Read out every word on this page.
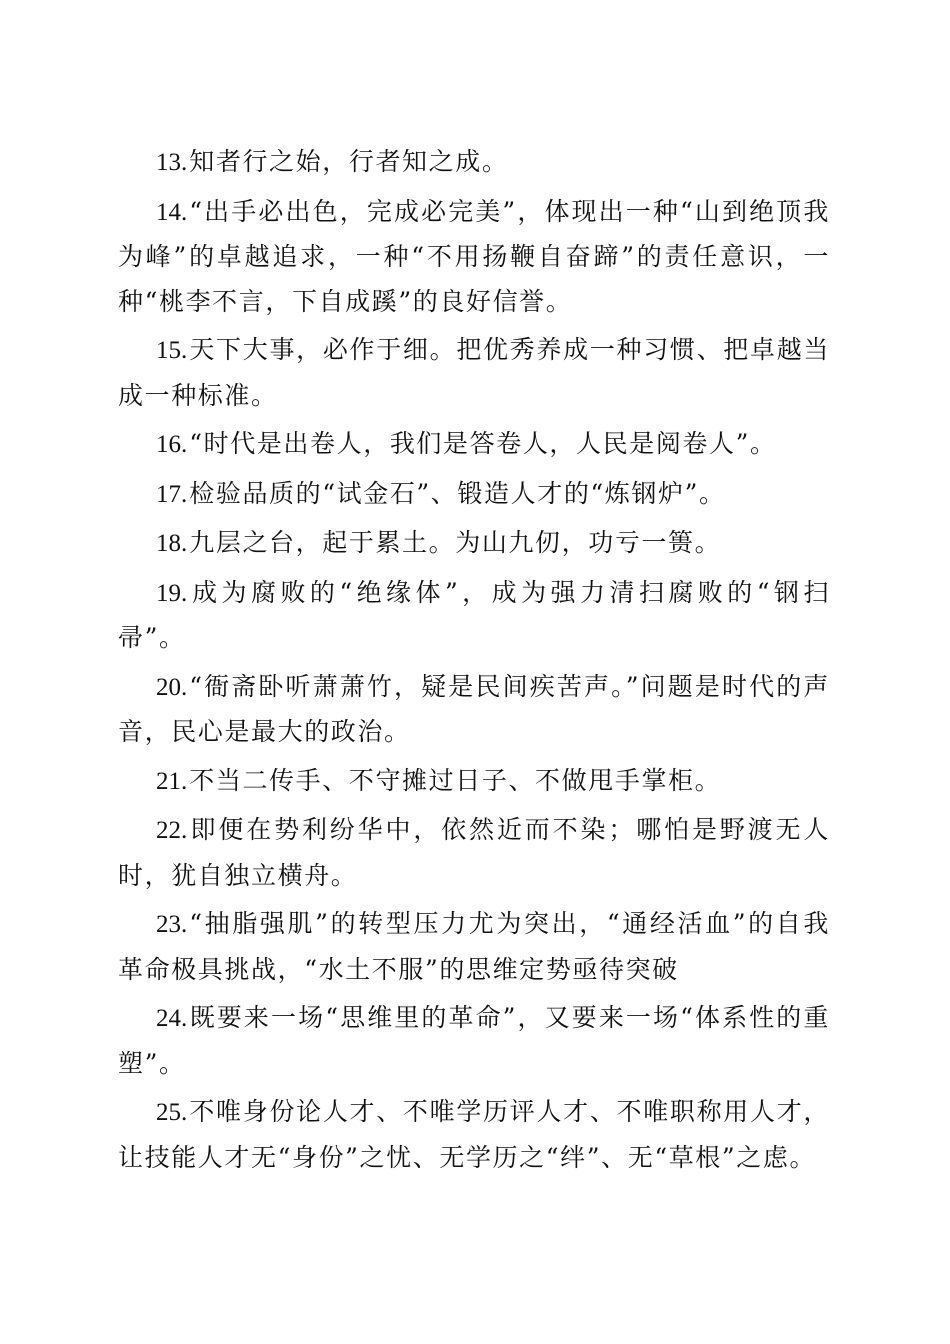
13.知者行之始，行者知之成。

14.“出手必出色，完成必完美”，体现出一种“山到绝顶我为峰”的卓越追求，一种“不用扬鞭自奋蹄”的责任意识，一种“桃李不言，下自成蹊”的良好信誉。

15.天下大事，必作于细。把优秀养成一种习惯、把卓越当成一种标准。

16.“时代是出卷人，我们是答卷人，人民是阅卷人”。

17.检验品质的“试金石”、锻造人才的“炼钢炉”。

18.九层之台，起于累土。为山九仞，功亏一篑。

19.成为腐败的“绝缘体”，成为强力清扫腐败的“钢扫帚”。

20.“衙斋卧听萧萧竹，疑是民间疾苦声。”问题是时代的声音，民心是最大的政治。

21.不当二传手、不守摊过日子、不做甩手掌柜。

22.即便在势利纷华中，依然近而不染；哪怕是野渡无人时，犹自独立横舟。

23.“抽脂强肌”的转型压力尤为突出，“通经活血”的自我革命极具挑战，“水土不服”的思维定势亟待突破

24.既要来一场“思维里的革命”，又要来一场“体系性的重塑”。

25.不唯身份论人才、不唯学历评人才、不唯职称用人才，让技能人才无“身份”之忧、无学历之“绊”、无“草根”之虑。
